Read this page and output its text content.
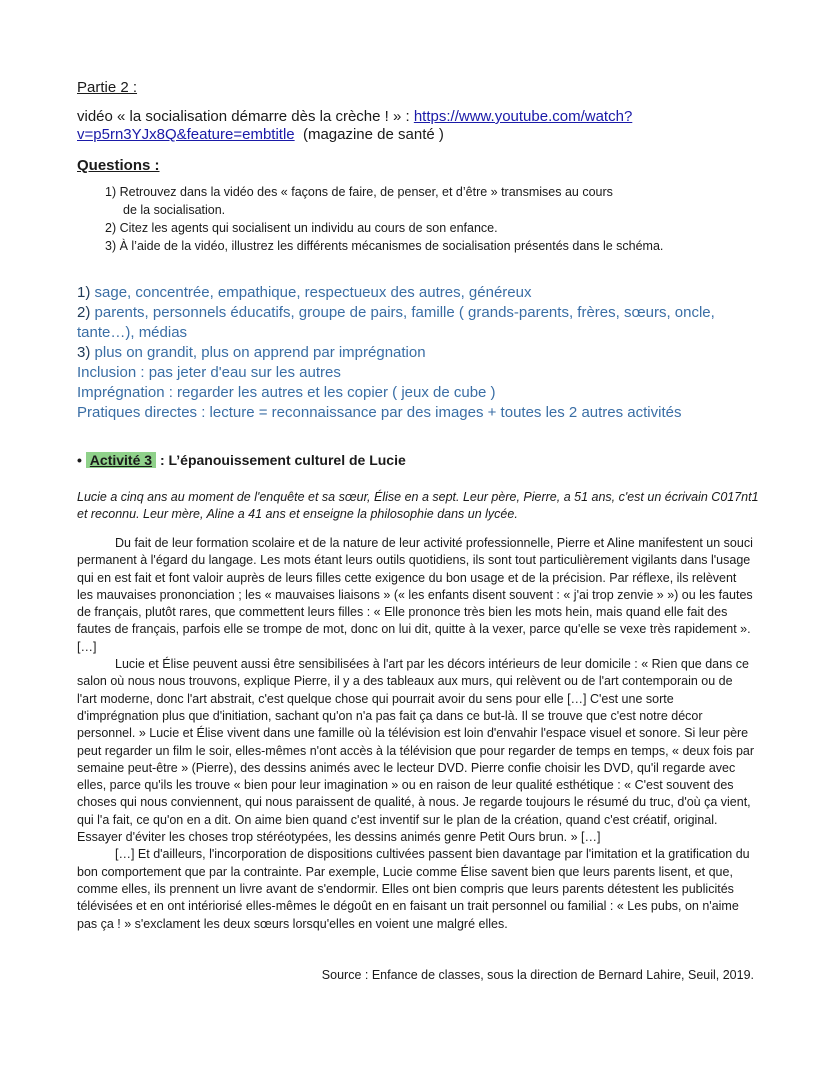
Partie 2 :
vidéo « la socialisation démarre dès la crèche ! » : https://www.youtube.com/watch?
v=p5rn3YJx8Q&feature=embtitle  (magazine de santé )
Questions :
1) Retrouvez dans la vidéo des « façons de faire, de penser, et d’être » transmises au cours
de la socialisation.
2) Citez les agents qui socialisent un individu au cours de son enfance.
3) À l’aide de la vidéo, illustrez les différents mécanismes de socialisation présentés dans le schéma.
1) sage, concentrée, empathique, respectueux des autres, généreux
2) parents, personnels éducatifs, groupe de pairs, famille ( grands-parents, frères, sœurs, oncle,
tante…), médias
3) plus on grandit, plus on apprend par imprégnation
Inclusion : pas jeter d'eau sur les autres
Imprégnation : regarder les autres et les copier ( jeux de cube )
Pratiques directes : lecture = reconnaissance par des images + toutes les 2 autres activités
• Activité 3 : L’épanouissement culturel de Lucie
Lucie a cinq ans au moment de l'enquête et sa sœur, Élise en a sept. Leur père, Pierre, a 51 ans, c'est un écrivain C017nt1 et reconnu. Leur mère, Aline a 41 ans et enseigne la philosophie dans un lycée.

Du fait de leur formation scolaire et de la nature de leur activité professionnelle, Pierre et Aline manifestent un souci permanent à l'égard du langage. Les mots étant leurs outils quotidiens, ils sont tout particulièrement vigilants dans l'usage qui en est fait et font valoir auprès de leurs filles cette exigence du bon usage et de la précision. Par réflexe, ils relèvent les mauvaises prononciation ; les « mauvaises liaisons » (« les enfants disent souvent : « j'ai trop zenvie » ») ou les fautes de français, plutôt rares, que commettent leurs filles : « Elle prononce très bien les mots hein, mais quand elle fait des fautes de français, parfois elle se trompe de mot, donc on lui dit, quitte à la vexer, parce qu'elle se vexe très rapidement ». […]

Lucie et Élise peuvent aussi être sensibilisées à l'art par les décors intérieurs de leur domicile : « Rien que dans ce salon où nous nous trouvons, explique Pierre, il y a des tableaux aux murs, qui relèvent ou de l'art contemporain ou de l'art moderne, donc l'art abstrait, c'est quelque chose qui pourrait avoir du sens pour elle […] C'est une sorte d'imprégnation plus que d'initiation, sachant qu'on n'a pas fait ça dans ce but-là. Il se trouve que c'est notre décor personnel. » Lucie et Élise vivent dans une famille où la télévision est loin d'envahir l'espace visuel et sonore. Si leur père peut regarder un film le soir, elles-mêmes n'ont accès à la télévision que pour regarder de temps en temps, « deux fois par semaine peut-être » (Pierre), des dessins animés avec le lecteur DVD. Pierre confie choisir les DVD, qu'il regarde avec elles, parce qu'ils les trouve « bien pour leur imagination » ou en raison de leur qualité esthétique : « C'est souvent des choses qui nous conviennent, qui nous paraissent de qualité, à nous. Je regarde toujours le résumé du truc, d'où ça vient, qui l'a fait, ce qu'on en a dit. On aime bien quand c'est inventif sur le plan de la création, quand c'est créatif, original. Essayer d'éviter les choses trop stéréotypées, les dessins animés genre Petit Ours brun. » […]

[…] Et d'ailleurs, l'incorporation de dispositions cultivées passent bien davantage par l'imitation et la gratification du bon comportement que par la contrainte. Par exemple, Lucie comme Élise savent bien que leurs parents lisent, et que, comme elles, ils prennent un livre avant de s'endormir. Elles ont bien compris que leurs parents détestent les publicités télévisées et en ont intériorisé elles-mêmes le dégoût en en faisant un trait personnel ou familial : « Les pubs, on n'aime pas ça ! » s'exclament les deux sœurs lorsqu'elles en voient une malgré elles.

Source : Enfance de classes, sous la direction de Bernard Lahire, Seuil, 2019.
